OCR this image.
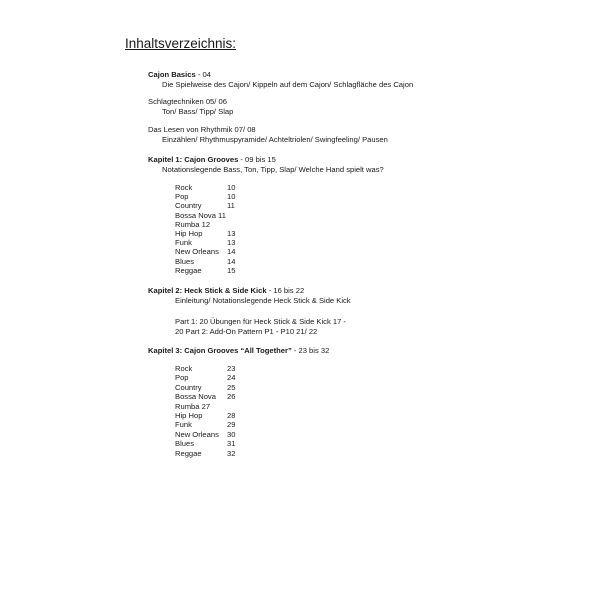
Inhaltsverzeichnis:
Cajon Basics - 04
Die Spielweise des Cajon/ Kippeln auf dem Cajon/ Schlagfläche des Cajon
Schlagtechniken 05/ 06
Ton/ Bass/ Tipp/ Slap
Das Lesen von Rhythmik 07/ 08
Einzählen/ Rhythmuspyramide/ Achteltriolen/ Swingfeeling/ Pausen
Kapitel 1: Cajon Grooves - 09 bis 15
Notationslegende Bass, Ton, Tipp, Slap/ Welche Hand spielt was?
Rock	10
Pop	10
Country	11
Bossa Nova 11
Rumba 12
Hip Hop	13
Funk	13
New Orleans 14
Blues	14
Reggae	15
Kapitel 2: Heck Stick & Side Kick - 16 bis 22
Einleitung/ Notationslegende Heck Stick & Side Kick
Part 1: 20 Übungen für Heck Stick & Side Kick 17 -
20 Part 2: Add-On Pattern P1 - P10 21/ 22
Kapitel 3: Cajon Grooves “All Together” - 23 bis 32
Rock	23
Pop	24
Country	25
Bossa Nova 26
Rumba 27
Hip Hop	28
Funk	29
New Orleans 30
Blues	31
Reggae	32
